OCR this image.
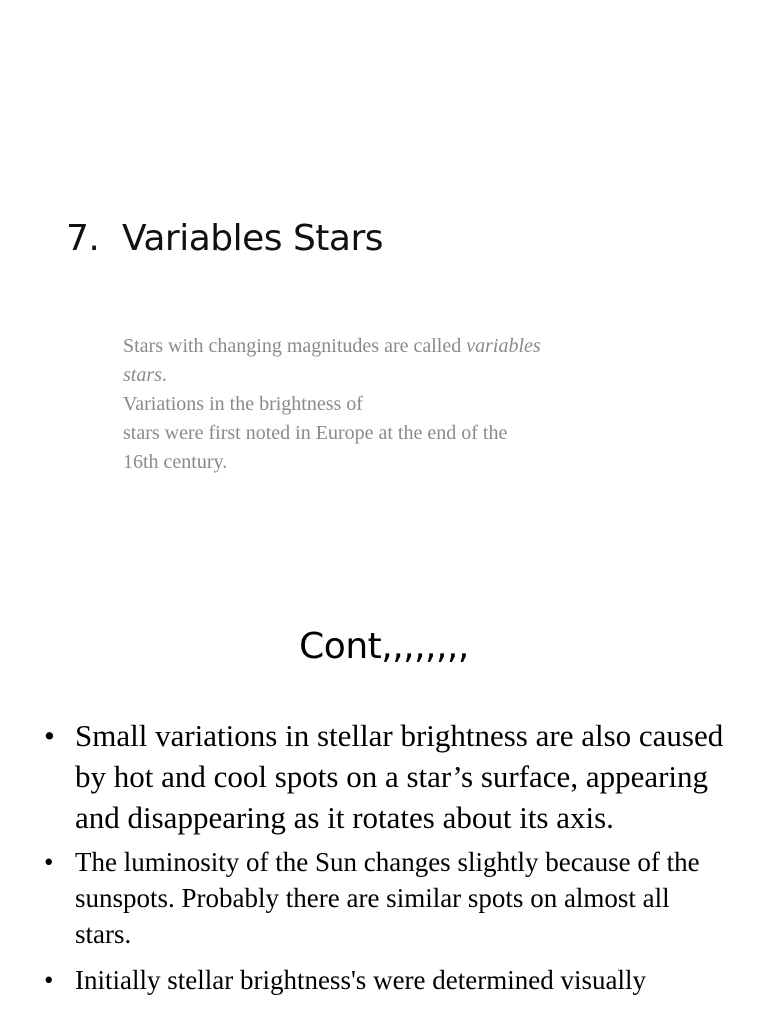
7. Variables Stars
Stars with changing magnitudes are called variables
stars.
Variations in the brightness of
stars were first noted in Europe at the end of the
16th century.
Cont,,,,,,,,
• Small variations in stellar brightness are also caused by hot and cool spots on a star’s surface, appearing and disappearing as it rotates about its axis.
• The luminosity of the Sun changes slightly because of the sunspots. Probably there are similar spots on almost all stars.
• Initially stellar brightness's were determined visually
